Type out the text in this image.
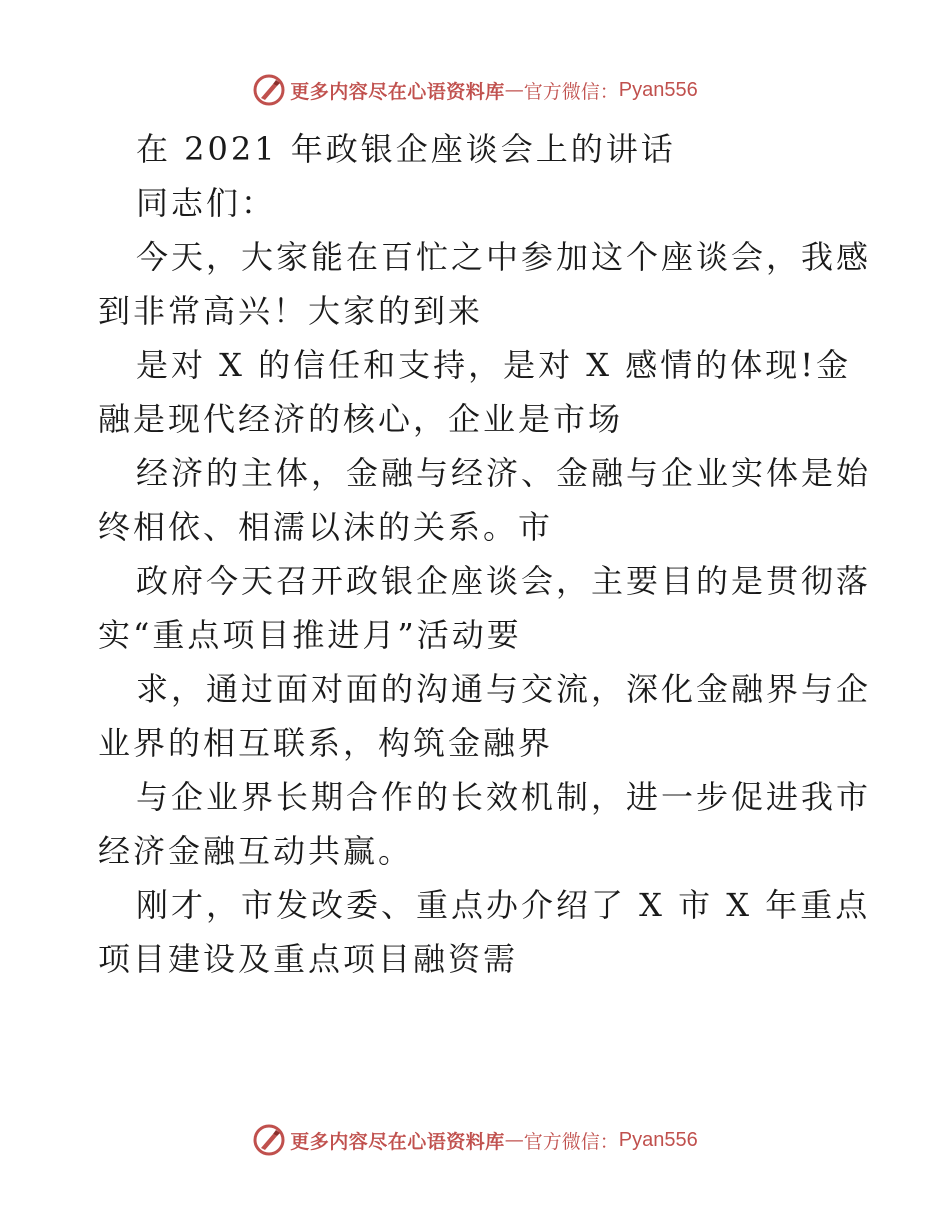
更多内容尽在心语资料库 — 官方微信： Pyan556
在 2021 年政银企座谈会上的讲话
同志们：
今天，大家能在百忙之中参加这个座谈会，我感
到非常高兴！大家的到来
是对 X 的信任和支持，是对 X 感情的体现!金
融是现代经济的核心，企业是市场
经济的主体，金融与经济、金融与企业实体是始
终相依、相濡以沫的关系。市
政府今天召开政银企座谈会，主要目的是贯彻落
实“重点项目推进月”活动要
求，通过面对面的沟通与交流，深化金融界与企
业界的相互联系，构筑金融界
与企业界长期合作的长效机制，进一步促进我市
经济金融互动共赢。
刚才，市发改委、重点办介绍了 X 市 X 年重点
项目建设及重点项目融资需
更多内容尽在心语资料库 — 官方微信： Pyan556
